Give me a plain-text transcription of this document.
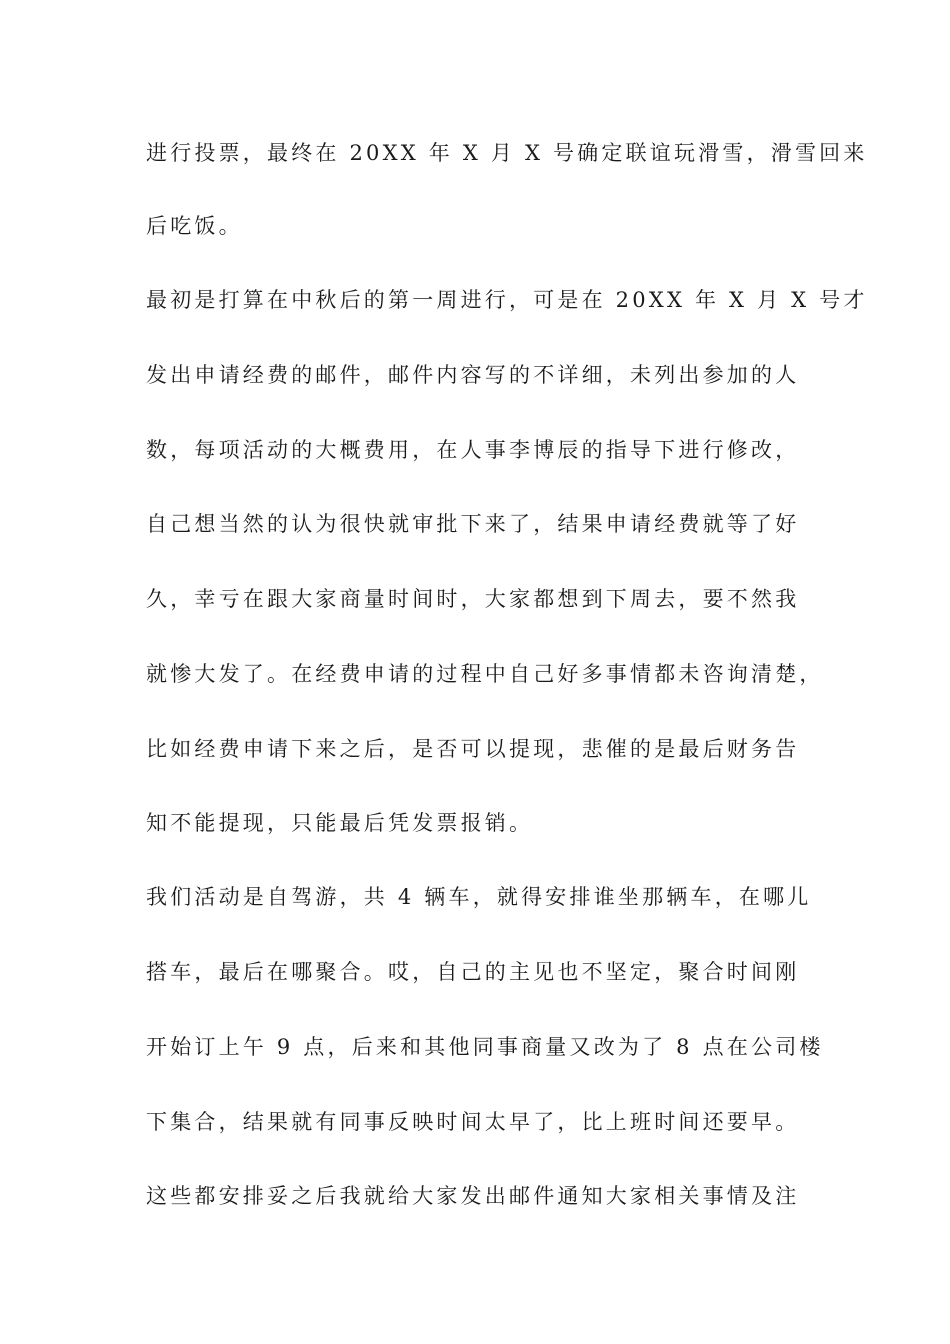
进行投票，最终在 20XX 年 X 月 X 号确定联谊玩滑雪，滑雪回来
后吃饭。
最初是打算在中秋后的第一周进行，可是在 20XX 年 X 月 X 号才
发出申请经费的邮件，邮件内容写的不详细，未列出参加的人
数，每项活动的大概费用，在人事李博辰的指导下进行修改，
自己想当然的认为很快就审批下来了，结果申请经费就等了好
久，幸亏在跟大家商量时间时，大家都想到下周去，要不然我
就惨大发了。在经费申请的过程中自己好多事情都未咨询清楚，
比如经费申请下来之后，是否可以提现，悲催的是最后财务告
知不能提现，只能最后凭发票报销。
我们活动是自驾游，共 4 辆车，就得安排谁坐那辆车，在哪儿
搭车，最后在哪聚合。哎，自己的主见也不坚定，聚合时间刚
开始订上午 9 点，后来和其他同事商量又改为了 8 点在公司楼
下集合，结果就有同事反映时间太早了，比上班时间还要早。
这些都安排妥之后我就给大家发出邮件通知大家相关事情及注
